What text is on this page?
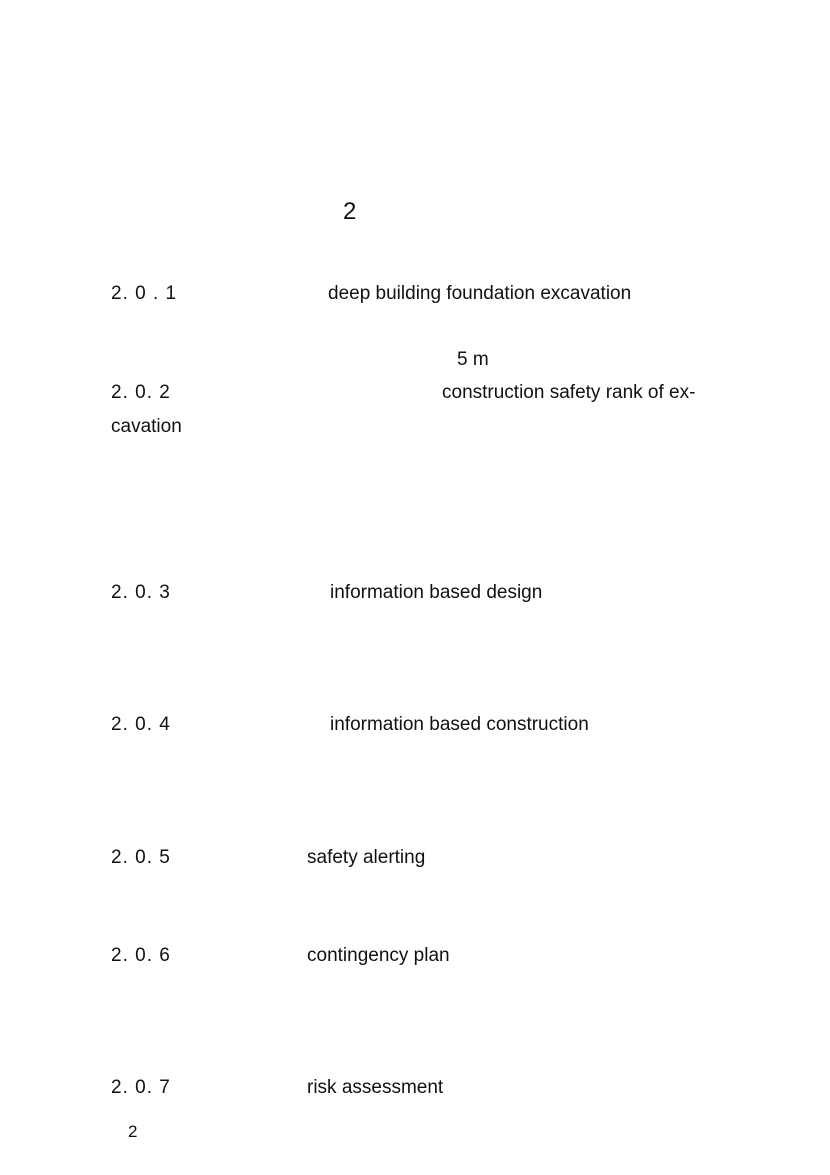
2
2. 0 . 1	deep building foundation excavation
5 m
2. 0. 2	construction safety rank of ex-
cavation
2. 0. 3	information based design
2. 0. 4	information based construction
2. 0. 5	safety alerting
2. 0. 6	contingency plan
2. 0. 7	risk assessment
2
